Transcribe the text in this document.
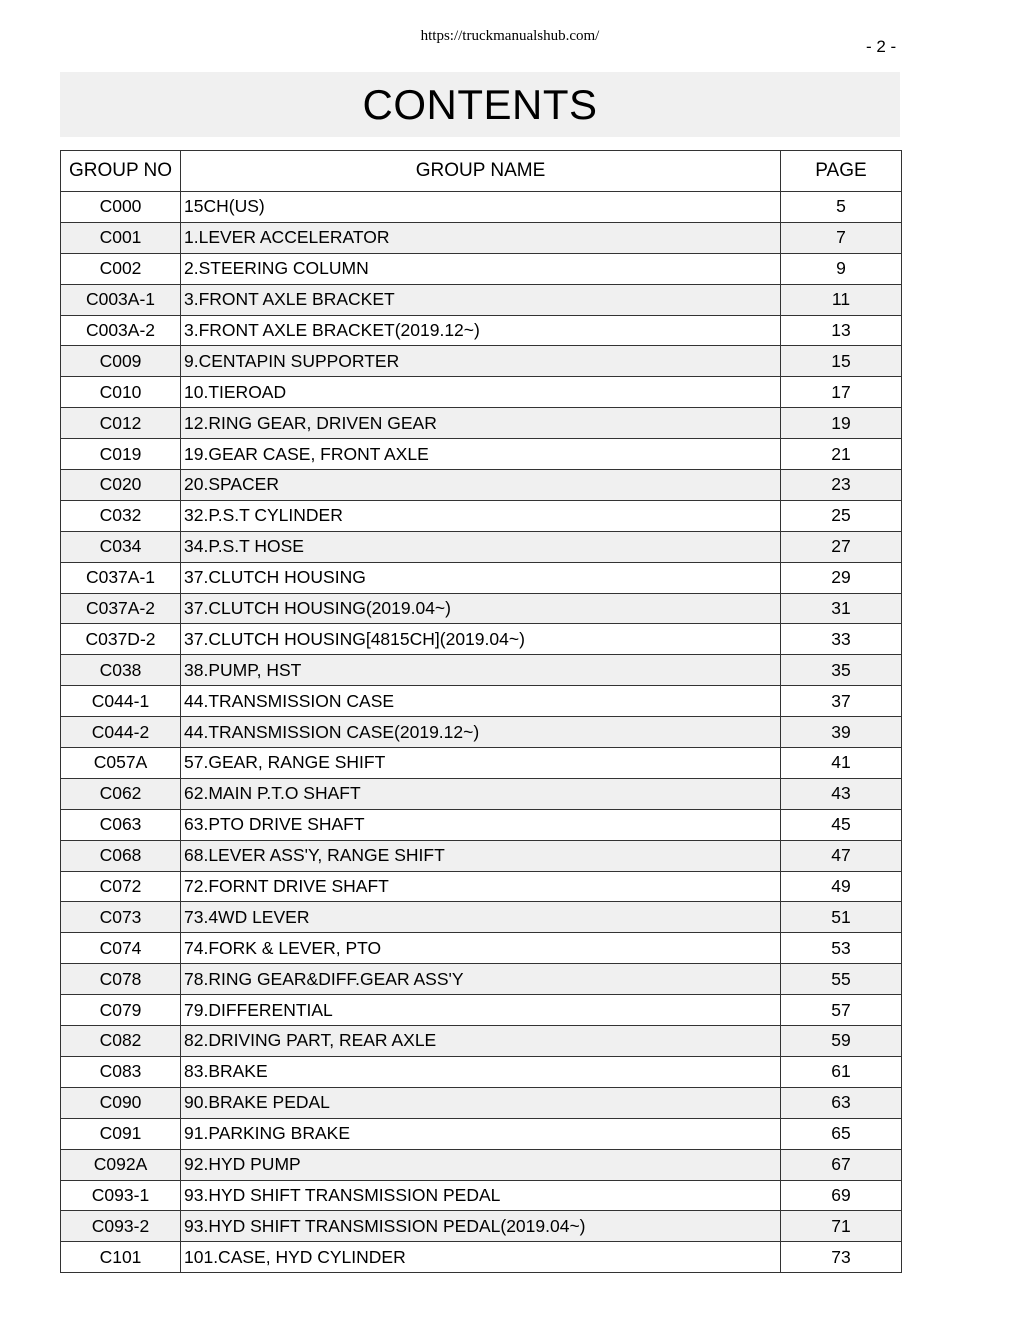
https://truckmanualshub.com/
- 2 -
CONTENTS
GROUP NO	GROUP NAME	PAGE
C000	15CH(US)	5
C001	1.LEVER ACCELERATOR	7
C002	2.STEERING COLUMN	9
C003A-1	3.FRONT AXLE BRACKET	11
C003A-2	3.FRONT AXLE BRACKET(2019.12~)	13
C009	9.CENTAPIN SUPPORTER	15
C010	10.TIEROAD	17
C012	12.RING GEAR, DRIVEN GEAR	19
C019	19.GEAR CASE, FRONT AXLE	21
C020	20.SPACER	23
C032	32.P.S.T CYLINDER	25
C034	34.P.S.T HOSE	27
C037A-1	37.CLUTCH HOUSING	29
C037A-2	37.CLUTCH HOUSING(2019.04~)	31
C037D-2	37.CLUTCH HOUSING[4815CH](2019.04~)	33
C038	38.PUMP, HST	35
C044-1	44.TRANSMISSION CASE	37
C044-2	44.TRANSMISSION CASE(2019.12~)	39
C057A	57.GEAR, RANGE SHIFT	41
C062	62.MAIN P.T.O SHAFT	43
C063	63.PTO DRIVE SHAFT	45
C068	68.LEVER ASS'Y, RANGE SHIFT	47
C072	72.FORNT DRIVE SHAFT	49
C073	73.4WD LEVER	51
C074	74.FORK & LEVER, PTO	53
C078	78.RING GEAR&DIFF.GEAR ASS'Y	55
C079	79.DIFFERENTIAL	57
C082	82.DRIVING PART, REAR AXLE	59
C083	83.BRAKE	61
C090	90.BRAKE PEDAL	63
C091	91.PARKING BRAKE	65
C092A	92.HYD PUMP	67
C093-1	93.HYD SHIFT TRANSMISSION PEDAL	69
C093-2	93.HYD SHIFT TRANSMISSION PEDAL(2019.04~)	71
C101	101.CASE, HYD CYLINDER	73
